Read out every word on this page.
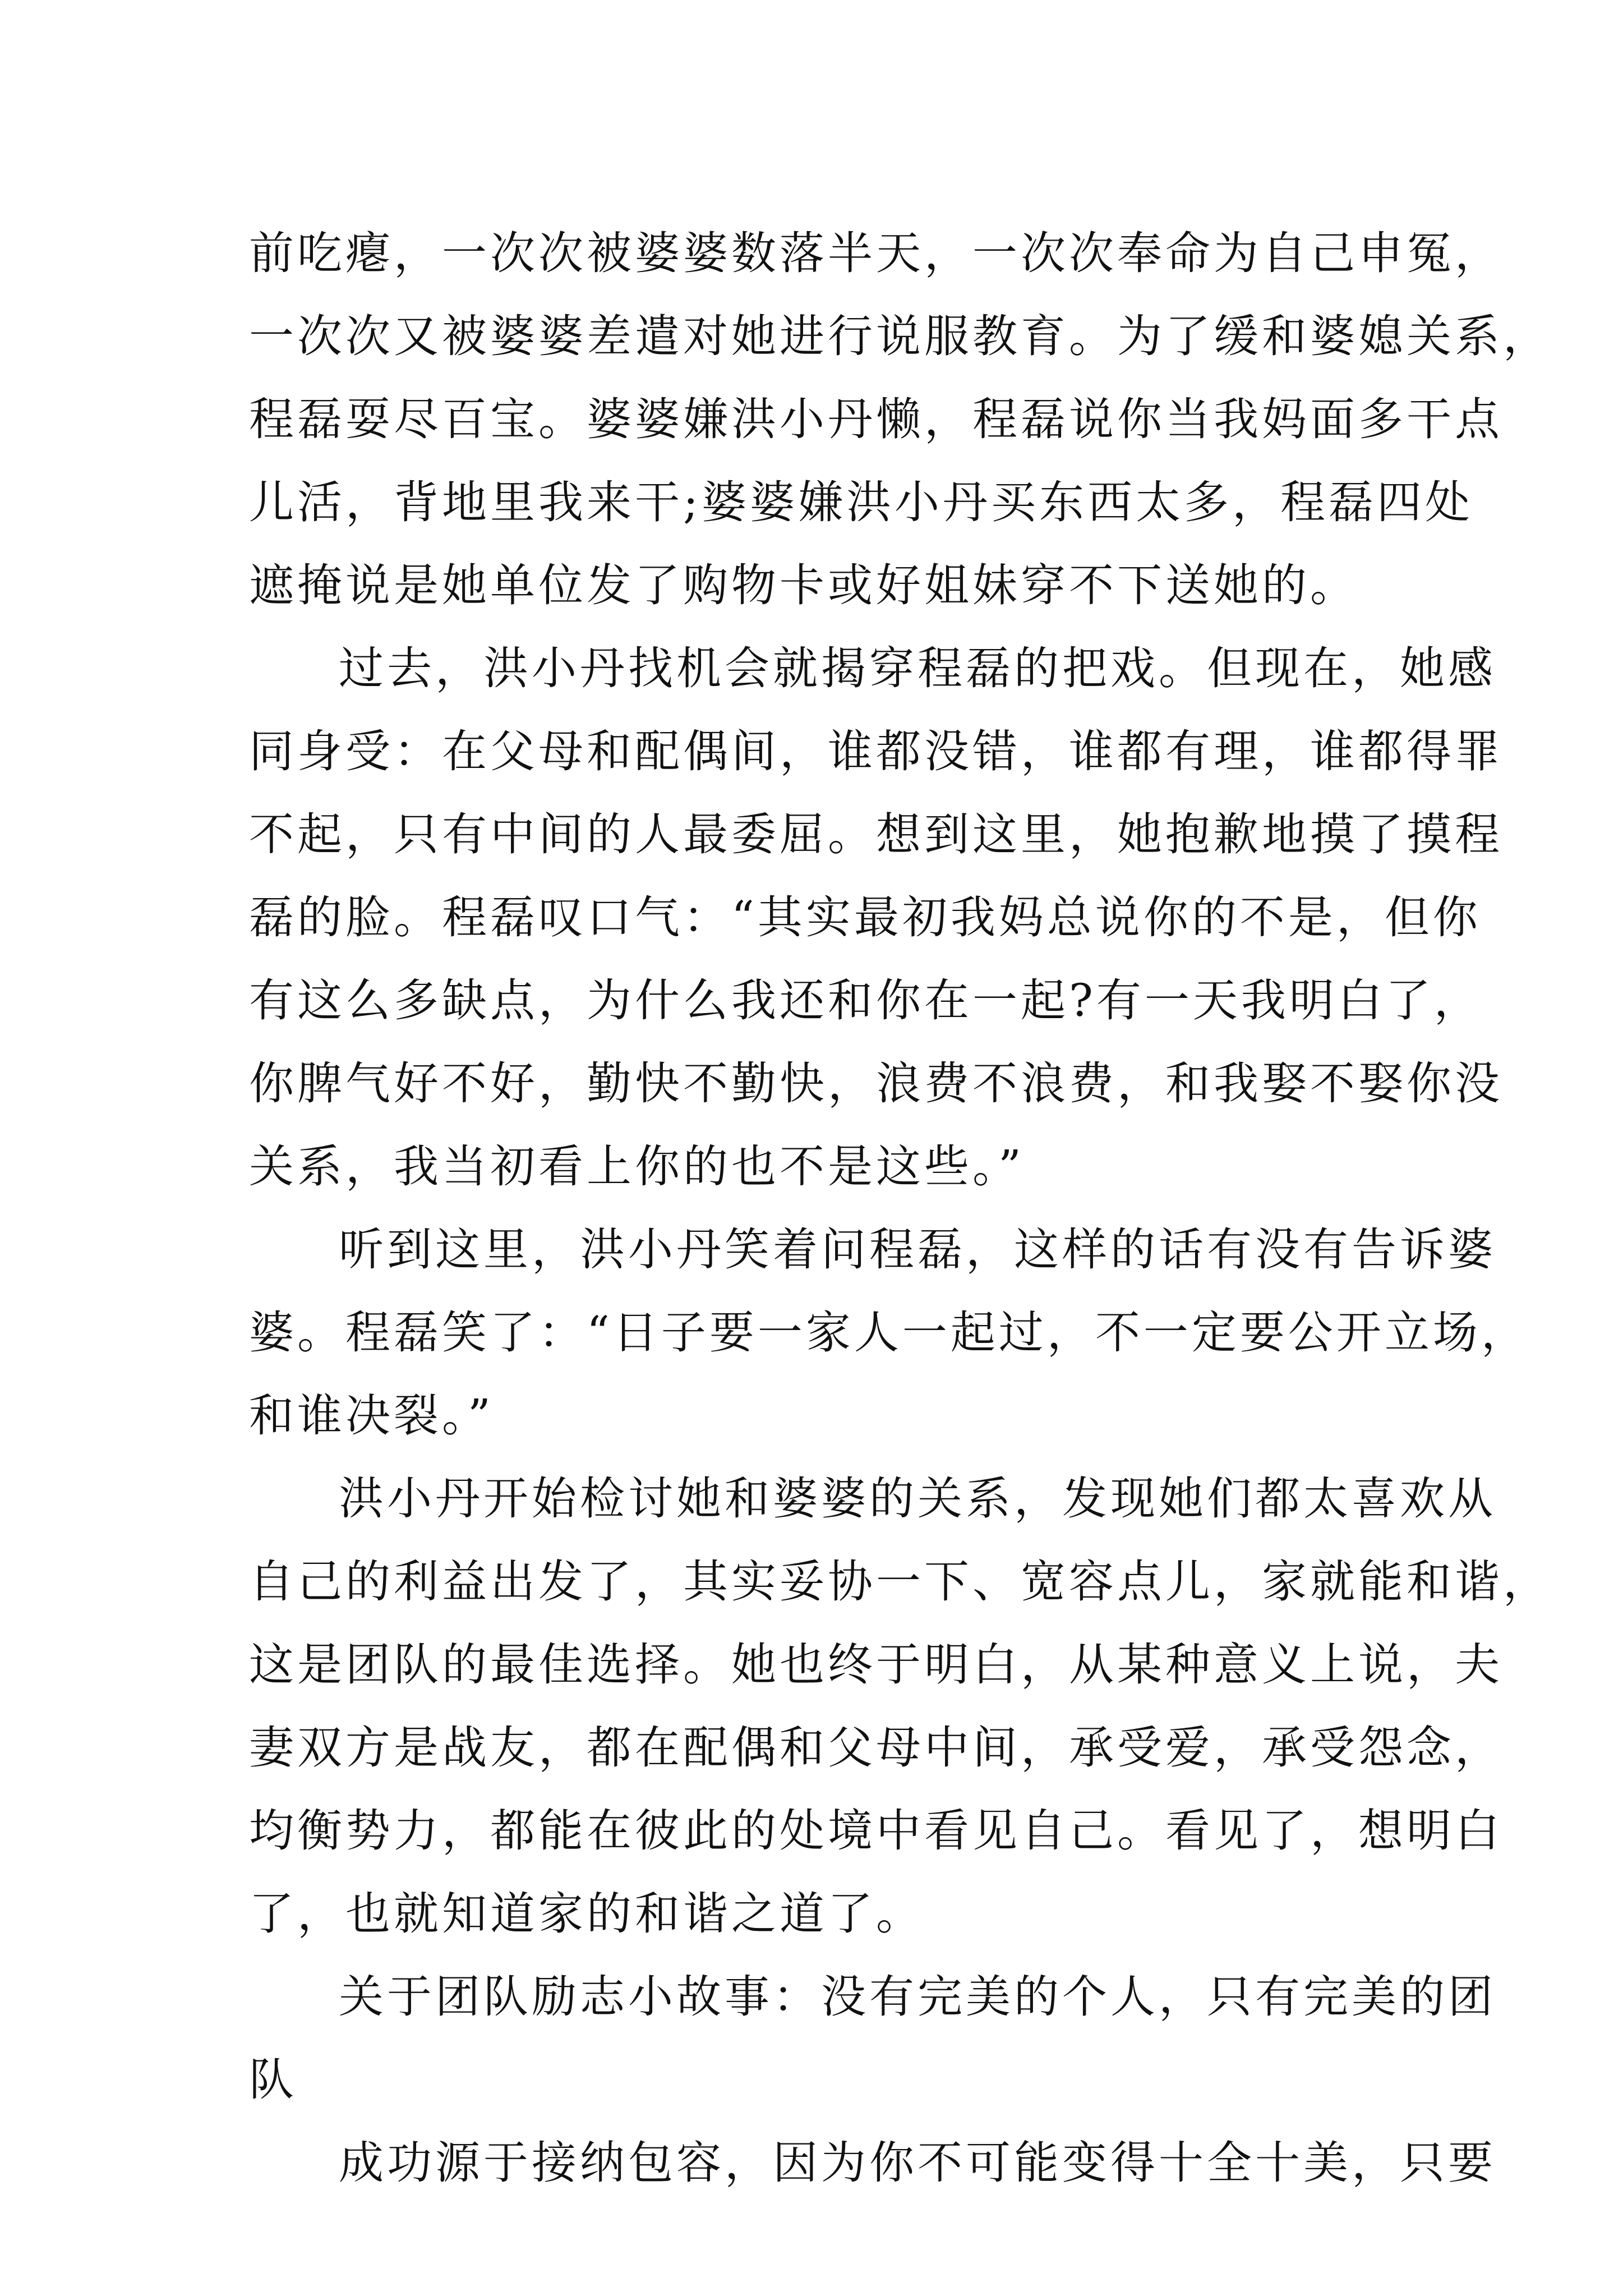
前吃瘪，一次次被婆婆数落半天，一次次奉命为自己申冤，
一次次又被婆婆差遣对她进行说服教育。为了缓和婆媳关系，
程磊耍尽百宝。婆婆嫌洪小丹懒，程磊说你当我妈面多干点
儿活，背地里我来干;婆婆嫌洪小丹买东西太多，程磊四处
遮掩说是她单位发了购物卡或好姐妹穿不下送她的。
过去，洪小丹找机会就揭穿程磊的把戏。但现在，她感
同身受：在父母和配偶间，谁都没错，谁都有理，谁都得罪
不起，只有中间的人最委屈。想到这里，她抱歉地摸了摸程
磊的脸。程磊叹口气：“其实最初我妈总说你的不是，但你
有这么多缺点，为什么我还和你在一起?有一天我明白了，
你脾气好不好，勤快不勤快，浪费不浪费，和我娶不娶你没
关系，我当初看上你的也不是这些。”
听到这里，洪小丹笑着问程磊，这样的话有没有告诉婆
婆。程磊笑了：“日子要一家人一起过，不一定要公开立场，
和谁决裂。”
洪小丹开始检讨她和婆婆的关系，发现她们都太喜欢从
自己的利益出发了，其实妥协一下、宽容点儿，家就能和谐，
这是团队的最佳选择。她也终于明白，从某种意义上说，夫
妻双方是战友，都在配偶和父母中间，承受爱，承受怨念，
均衡势力，都能在彼此的处境中看见自己。看见了，想明白
了，也就知道家的和谐之道了。
关于团队励志小故事：没有完美的个人，只有完美的团
队
成功源于接纳包容，因为你不可能变得十全十美，只要
